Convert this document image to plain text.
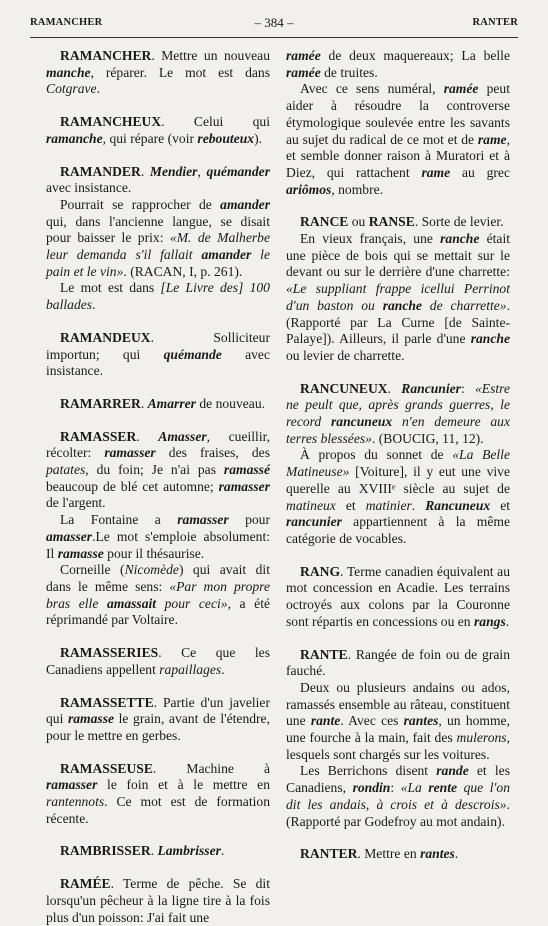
RAMANCHER	– 384 –	RANTER

RAMANCHER. Mettre un nouveau manche, réparer. Le mot est dans Cotgrave.

RAMANCHEUX. Celui qui ramanche, qui répare (voir rebouteux).

RAMANDER. Mendier, quémander avec insistance.

Pourrait se rapprocher de amander qui, dans l'ancienne langue, se disait pour baisser le prix: «M. de Malherbe leur demanda s'il fallait amander le pain et le vin». (RACAN, I, p. 261).

Le mot est dans [Le Livre des] 100 ballades.

RAMANDEUX. Solliciteur importun; qui quémande avec insistance.

RAMARRER. Amarrer de nouveau.

RAMASSER. Amasser, cueillir, récolter: ramasser des fraises, des patates, du foin; Je n'ai pas ramassé beaucoup de blé cet automne; ramasser de l'argent.

La Fontaine a ramasser pour amasser.Le mot s'emploie absolument: Il ramasse pour il thésaurise.

Corneille (Nicomède) qui avait dit dans le même sens: «Par mon propre bras elle amassait pour ceci», a été réprimandé par Voltaire.

RAMASSERIES. Ce que les Canadiens appellent rapaillages.

RAMASSETTE. Partie d'un javelier qui ramasse le grain, avant de l'étendre, pour le mettre en gerbes.

RAMASSEUSE. Machine à ramasser le foin et à le mettre en rantennots. Ce mot est de formation récente.

RAMBRISSER. Lambrisser.

RAMÉE. Terme de pêche. Se dit lorsqu'un pêcheur à la ligne tire à la fois plus d'un poisson: J'ai fait une

ramée de deux maquereaux; La belle ramée de truites.

Avec ce sens numéral, ramée peut aider à résoudre la controverse étymologique soulevée entre les savants au sujet du radical de ce mot et de rame, et semble donner raison à Muratori et à Diez, qui rattachent rame au grec ariômos, nombre.

RANCE ou RANSE. Sorte de levier.

En vieux français, une ranche était une pièce de bois qui se mettait sur le devant ou sur le derrière d'une charrette: «Le suppliant frappe icellui Perrinot d'un baston ou ranche de charrette». (Rapporté par La Curne [de Sainte-Palaye]). Ailleurs, il parle d'une ranche ou levier de charrette.

RANCUNEUX. Rancunier: «Estre ne peult que, après grands guerres, le record rancuneux n'en demeure aux terres blessées». (BOUCIG, 11, 12).

À propos du sonnet de «La Belle Matineuse» [Voiture], il y eut une vive querelle au XVIIIᵉ siècle au sujet de matineux et matinier. Rancuneux et rancunier appartiennent à la même catégorie de vocables.

RANG. Terme canadien équivalent au mot concession en Acadie. Les terrains octroyés aux colons par la Couronne sont répartis en concessions ou en rangs.

RANTE. Rangée de foin ou de grain fauché.

Deux ou plusieurs andains ou ados, ramassés ensemble au râteau, constituent une rante. Avec ces rantes, un homme, une fourche à la main, fait des mulerons, lesquels sont chargés sur les voitures.

Les Berrichons disent rande et les Canadiens, rondin: «La rente que l'on dit les andais, à crois et à descrois». (Rapporté par Godefroy au mot andain).

RANTER. Mettre en rantes.
